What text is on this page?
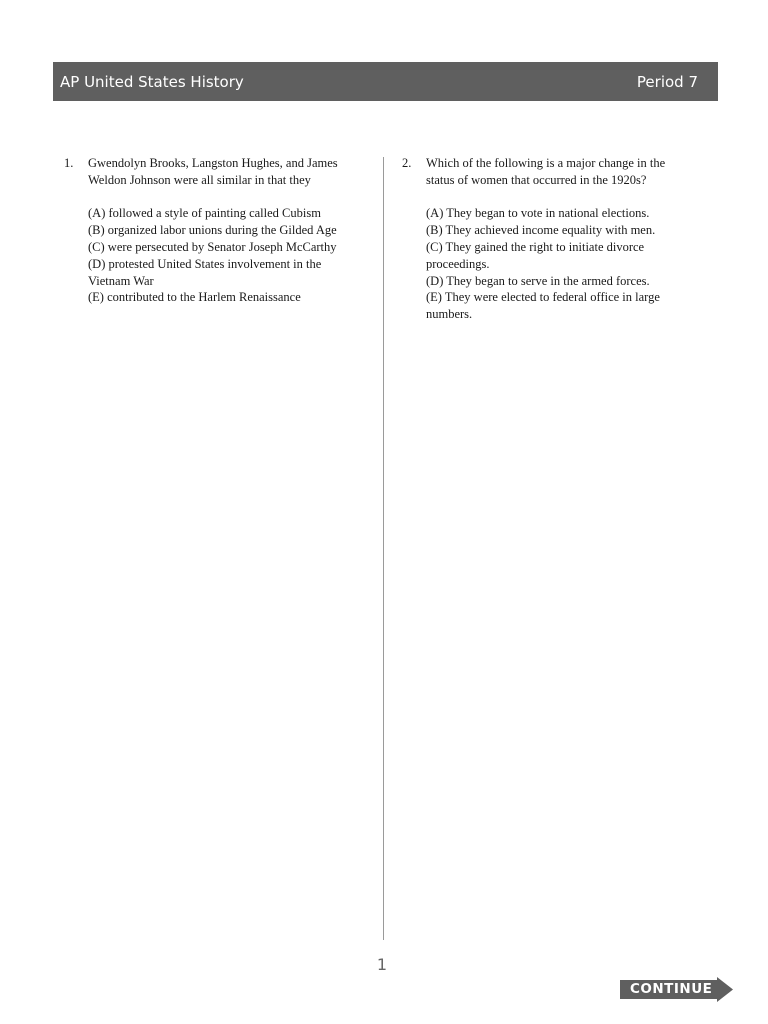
AP United States History	Period 7
1. Gwendolyn Brooks, Langston Hughes, and James Weldon Johnson were all similar in that they

(A) followed a style of painting called Cubism

(B) organized labor unions during the Gilded Age

(C) were persecuted by Senator Joseph McCarthy

(D) protested United States involvement in the Vietnam War

(E) contributed to the Harlem Renaissance

2. Which of the following is a major change in the status of women that occurred in the 1920s?

(A) They began to vote in national elections.

(B) They achieved income equality with men.

(C) They gained the right to initiate divorce proceedings.

(D) They began to serve in the armed forces.

(E) They were elected to federal office in large numbers.

1
CONTINUE
